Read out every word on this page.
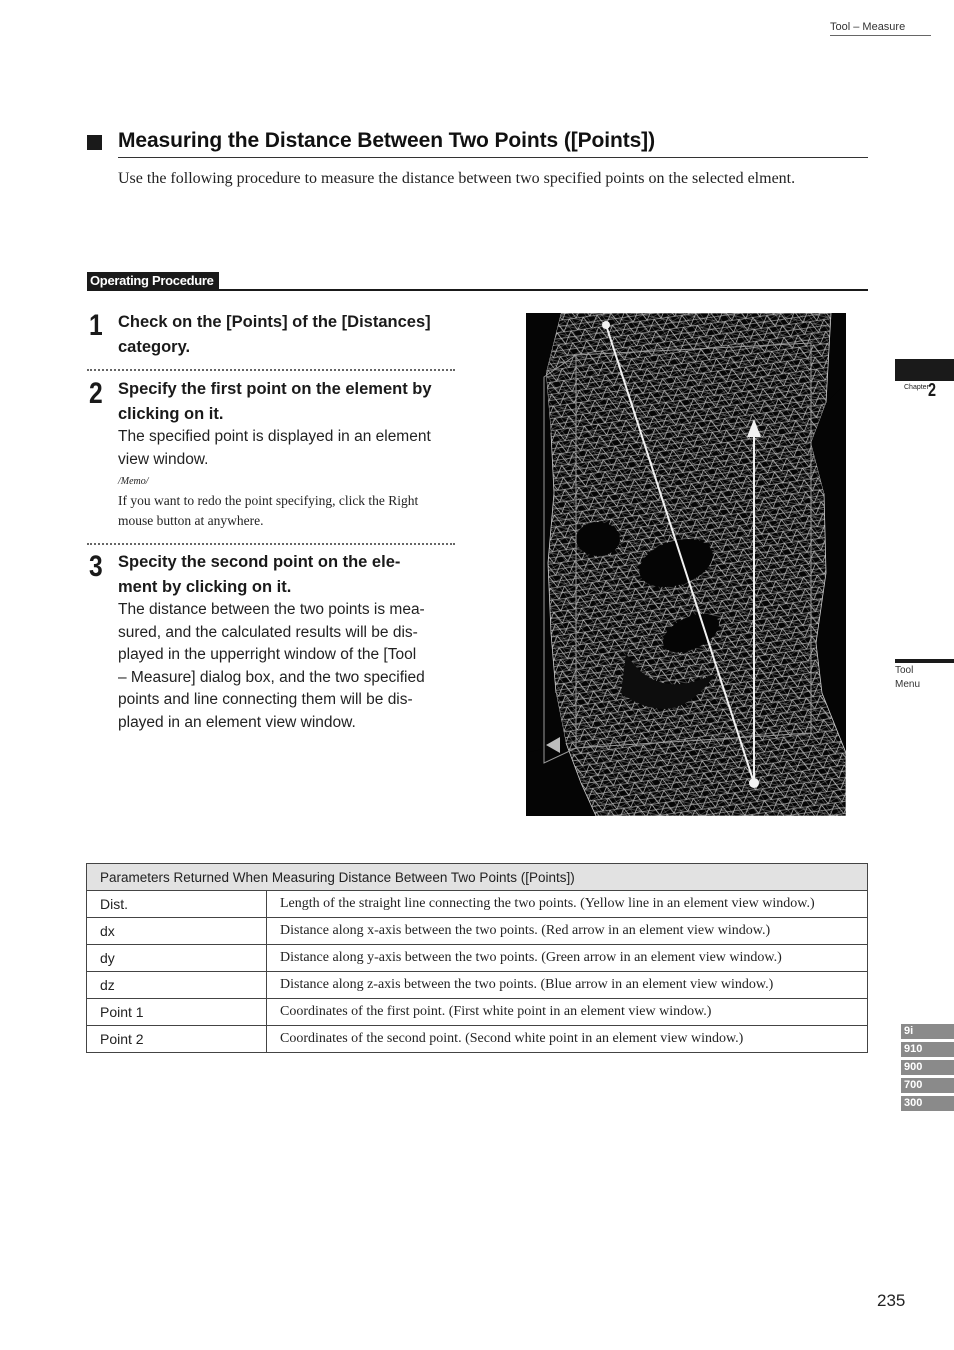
Tool – Measure
Measuring the Distance Between Two Points ([Points])
Use the following procedure to measure the distance between two specified points on the selected elment.
Operating Procedure
1 Check on the [Points] of the [Distances]
category.
2 Specify the first point on the element by
clicking on it.
The specified point is displayed in an element
view window.
/Memo/
If you want to redo the point specifying, click the Right
mouse button at anywhere.
3 Specity the second point on the ele-
ment by clicking on it.
The distance between the two points is mea-
sured, and the calculated results will be dis-
played in the upperright window of the [Tool
– Measure] dialog box, and the two specified
points and line connecting them will be dis-
played in an element view window.
Chapter 2
Tool
Menu
9i
910
900
700
300
Parameters Returned When Measuring Distance Between Two Points ([Points])	
Dist.	Length of the straight line connecting the two points. (Yellow line in an element view window.)
dx	Distance along x-axis between the two points. (Red arrow in an element view window.)
dy	Distance along y-axis between the two points. (Green arrow in an element view window.)
dz	Distance along z-axis between the two points. (Blue arrow in an element view window.)
Point 1	Coordinates of the first point. (First white point in an element view window.)
Point 2	Coordinates of the second point. (Second white point in an element view window.)
235
